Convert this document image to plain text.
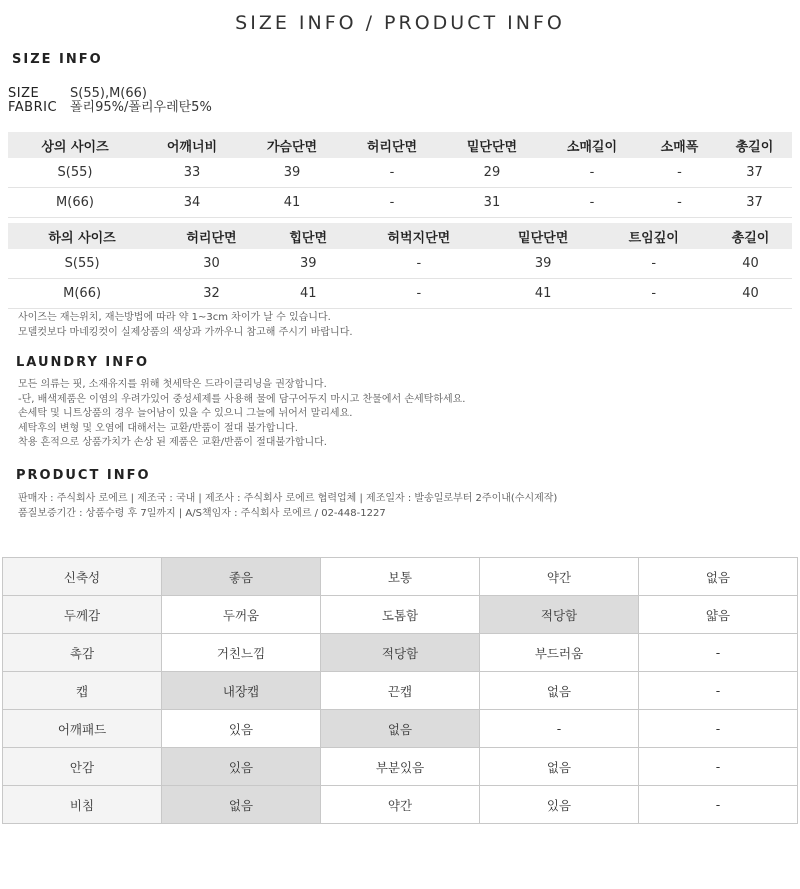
SIZE INFO / PRODUCT INFO
SIZE INFO
SIZE S(55),M(66)
FABRIC 폴리95%/폴리우레탄5%
상의 사이즈	어깨너비	가슴단면	허리단면	밑단단면	소매길이	소매폭	총길이
S(55)	33	39	-	29	-	-	37
M(66)	34	41	-	31	-	-	37
하의 사이즈	허리단면	힙단면	허벅지단면	밑단단면	트임깊이	총길이
S(55)	30	39	-	39	-	40
M(66)	32	41	-	41	-	40
사이즈는 재는위치, 재는방법에 따라 약 1~3cm 차이가 날 수 있습니다.
모델컷보다 마네킹컷이 실제상품의 색상과 가까우니 참고해 주시기 바랍니다.
LAUNDRY INFO
모든 의류는 핏, 소재유지를 위해 첫세탁은 드라이클리닝을 권장합니다.
-단, 배색제품은 이염의 우려가있어 중성세제를 사용해 물에 담구어두지 마시고 찬물에서 손세탁하세요.
손세탁 및 니트상품의 경우 늘어남이 있을 수 있으니 그늘에 뉘어서 말리세요.
세탁후의 변형 및 오염에 대해서는 교환/반품이 절대 불가합니다.
착용 흔적으로 상품가치가 손상 된 제품은 교환/반품이 절대불가합니다.
PRODUCT INFO
판매자 : 주식회사 로에르 | 제조국 : 국내 | 제조사 : 주식회사 로에르 협력업체 | 제조일자 : 발송일로부터 2주이내(수시제작)
품질보증기간 : 상품수령 후 7일까지 | A/S책임자 : 주식회사 로에르 / 02-448-1227
신축성	좋음	보통	약간	없음
두께감	두꺼움	도톰함	적당함	얇음
촉감	거친느낌	적당함	부드러움	-
캡	내장캡	끈캡	없음	-
어깨패드	있음	없음	-	-
안감	있음	부분있음	없음	-
비침	없음	약간	있음	-
